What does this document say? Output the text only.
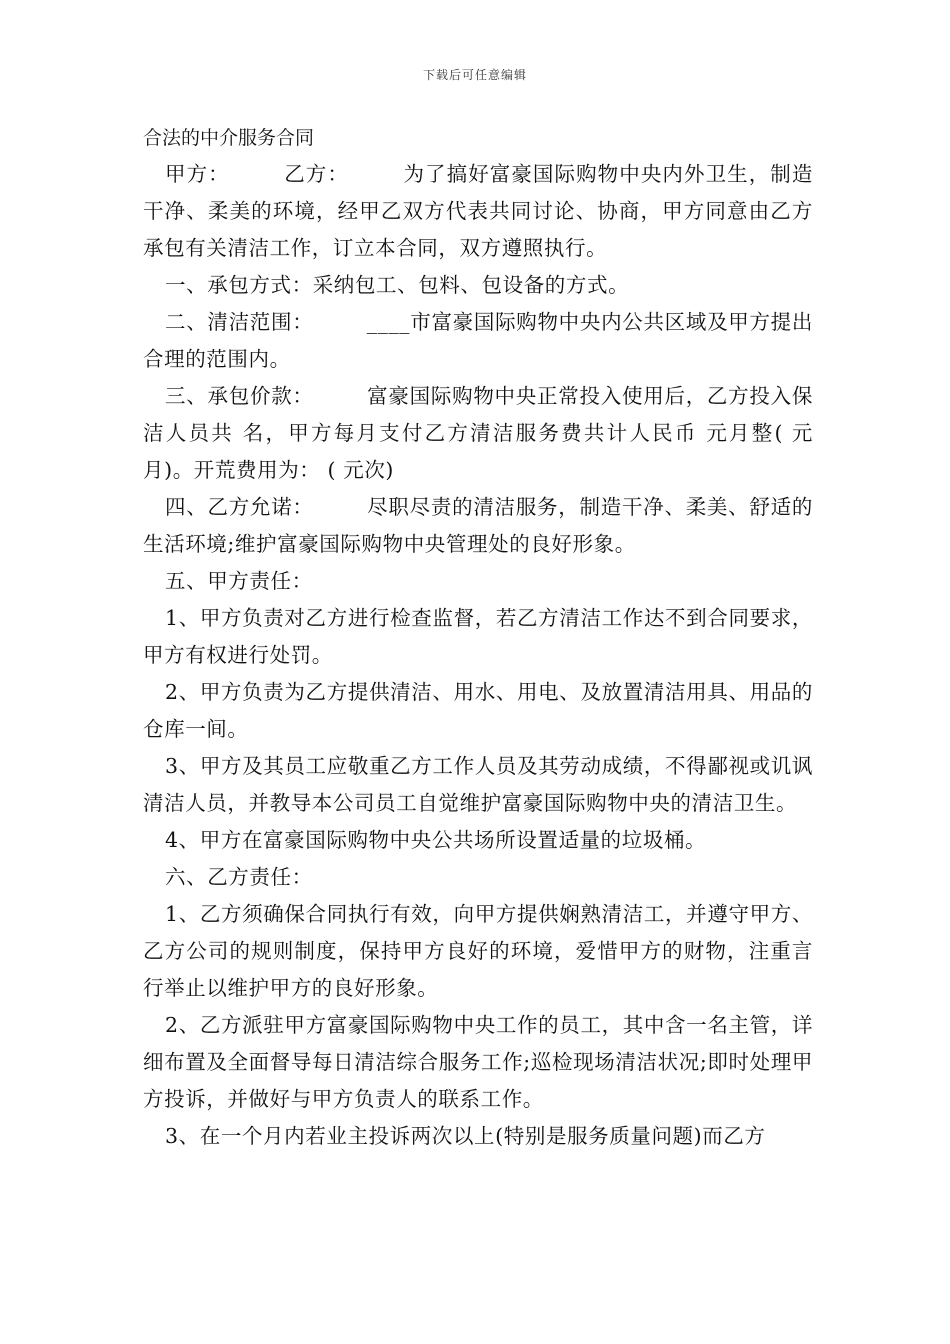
下载后可任意编辑

合法的中介服务合同

甲方：　　　乙方：　　　为了搞好富豪国际购物中央内外卫生，制造干净、柔美的环境，经甲乙双方代表共同讨论、协商，甲方同意由乙方承包有关清洁工作，订立本合同，双方遵照执行。

一、承包方式：采纳包工、包料、包设备的方式。

二、清洁范围：　　　____市富豪国际购物中央内公共区域及甲方提出合理的范围内。

三、承包价款：　　　富豪国际购物中央正常投入使用后，乙方投入保洁人员共 名，甲方每月支付乙方清洁服务费共计人民币 元月整( 元月)。开荒费用为： ( 元次)

四、乙方允诺：　　　尽职尽责的清洁服务，制造干净、柔美、舒适的生活环境;维护富豪国际购物中央管理处的良好形象。

五、甲方责任：

1、甲方负责对乙方进行检查监督，若乙方清洁工作达不到合同要求，甲方有权进行处罚。

2、甲方负责为乙方提供清洁、用水、用电、及放置清洁用具、用品的仓库一间。

3、甲方及其员工应敬重乙方工作人员及其劳动成绩，不得鄙视或讥讽清洁人员，并教导本公司员工自觉维护富豪国际购物中央的清洁卫生。

4、甲方在富豪国际购物中央公共场所设置适量的垃圾桶。

六、乙方责任：

1、乙方须确保合同执行有效，向甲方提供娴熟清洁工，并遵守甲方、乙方公司的规则制度，保持甲方良好的环境，爱惜甲方的财物，注重言行举止以维护甲方的良好形象。

2、乙方派驻甲方富豪国际购物中央工作的员工，其中含一名主管，详细布置及全面督导每日清洁综合服务工作;巡检现场清洁状况;即时处理甲方投诉，并做好与甲方负责人的联系工作。

3、在一个月内若业主投诉两次以上(特别是服务质量问题)而乙方
